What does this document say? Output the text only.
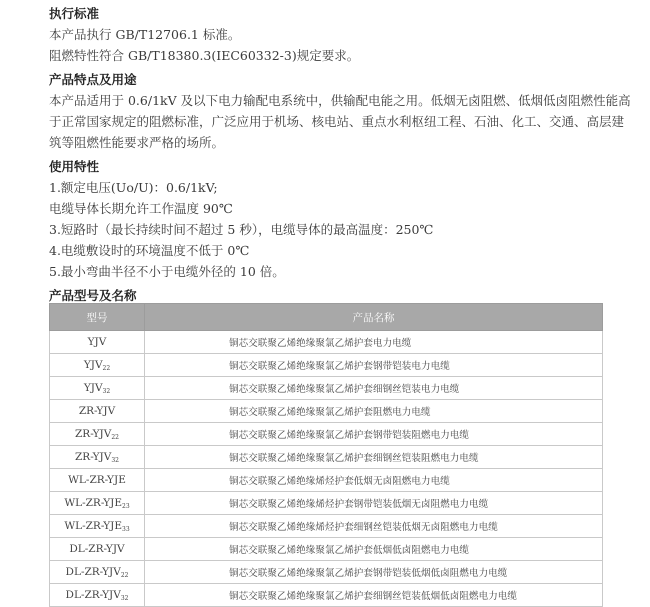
执行标准
本产品执行 GB/T12706.1 标准。
阻燃特性符合 GB/T18380.3(IEC60332-3)规定要求。
产品特点及用途
本产品适用于 0.6/1kV 及以下电力输配电系统中，供输配电能之用。低烟无卤阻燃、低烟低卤阻燃性能高
于正常国家规定的阻燃标准，广泛应用于机场、核电站、重点水利枢纽工程、石油、化工、交通、高层建
筑等阻燃性能要求严格的场所。
使用特性
1.额定电压(Uo/U)：0.6/1kV;
电缆导体长期允许工作温度 90℃
3.短路时（最长持续时间不超过 5 秒），电缆导体的最高温度：250℃
4.电缆敷设时的环境温度不低于 0℃
5.最小弯曲半径不小于电缆外径的 10 倍。
产品型号及名称
型号	产品名称
YJV	铜芯交联聚乙烯绝缘聚氯乙烯护套电力电缆
$YJV_{22}$	铜芯交联聚乙烯绝缘聚氯乙烯护套钢带铠装电力电缆
$YJV_{32}$	铜芯交联聚乙烯绝缘聚氯乙烯护套细钢丝铠装电力电缆
ZR-YJV	铜芯交联聚乙烯绝缘聚氯乙烯护套阻燃电力电缆
$ZR-YJV_{22}$	铜芯交联聚乙烯绝缘聚氯乙烯护套钢带铠装阻燃电力电缆
$ZR-YJV_{32}$	铜芯交联聚乙烯绝缘聚氯乙烯护套细钢丝铠装阻燃电力电缆
WL-ZR-YJE	铜芯交联聚乙烯绝缘烯烃护套低烟无卤阻燃电力电缆
$WL-ZR-YJE_{23}$	铜芯交联聚乙烯绝缘烯烃护套钢带铠装低烟无卤阻燃电力电缆
$WL-ZR-YJE_{33}$	铜芯交联聚乙烯绝缘烯烃护套细钢丝铠装低烟无卤阻燃电力电缆
DL-ZR-YJV	铜芯交联聚乙烯绝缘聚氯乙烯护套低烟低卤阻燃电力电缆
$DL-ZR-YJV_{22}$	铜芯交联聚乙烯绝缘聚氯乙烯护套钢带铠装低烟低卤阻燃电力电缆
$DL-ZR-YJV_{32}$	铜芯交联聚乙烯绝缘聚氯乙烯护套细钢丝铠装低烟低卤阻燃电力电缆
